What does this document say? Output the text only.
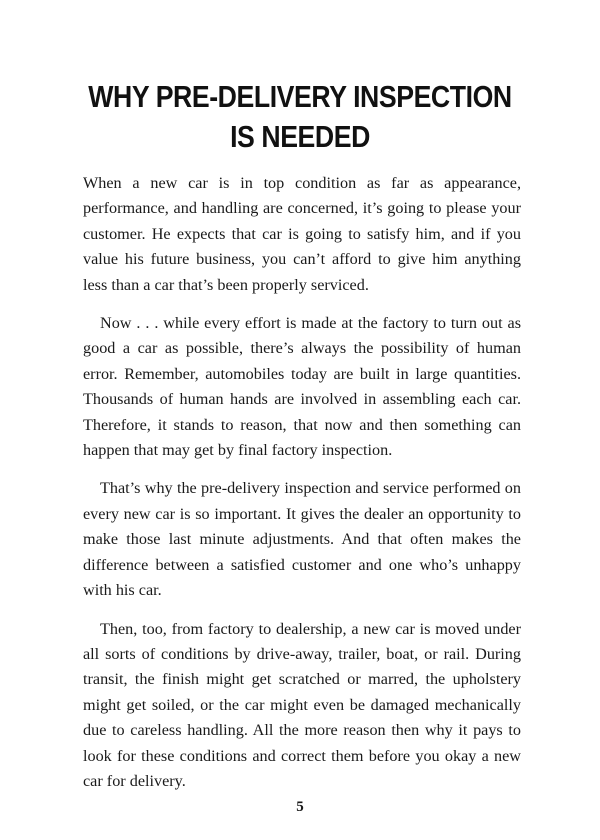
WHY PRE-DELIVERY INSPECTION
IS NEEDED

When a new car is in top condition as far as appearance, performance, and handling are concerned, it’s going to please your customer. He expects that car is going to satisfy him, and if you value his future business, you can’t afford to give him anything less than a car that’s been properly serviced.

Now . . . while every effort is made at the factory to turn out as good a car as possible, there’s always the possibility of human error. Remember, automobiles today are built in large quantities. Thousands of human hands are involved in assembling each car. Therefore, it stands to reason, that now and then something can happen that may get by final factory inspection.

That’s why the pre-delivery inspection and service performed on every new car is so important. It gives the dealer an opportunity to make those last minute adjustments. And that often makes the difference between a satisfied customer and one who’s unhappy with his car.

Then, too, from factory to dealership, a new car is moved under all sorts of conditions by drive-away, trailer, boat, or rail. During transit, the finish might get scratched or marred, the upholstery might get soiled, or the car might even be damaged mechanically due to careless handling. All the more reason then why it pays to look for these conditions and correct them before you okay a new car for delivery.

5
